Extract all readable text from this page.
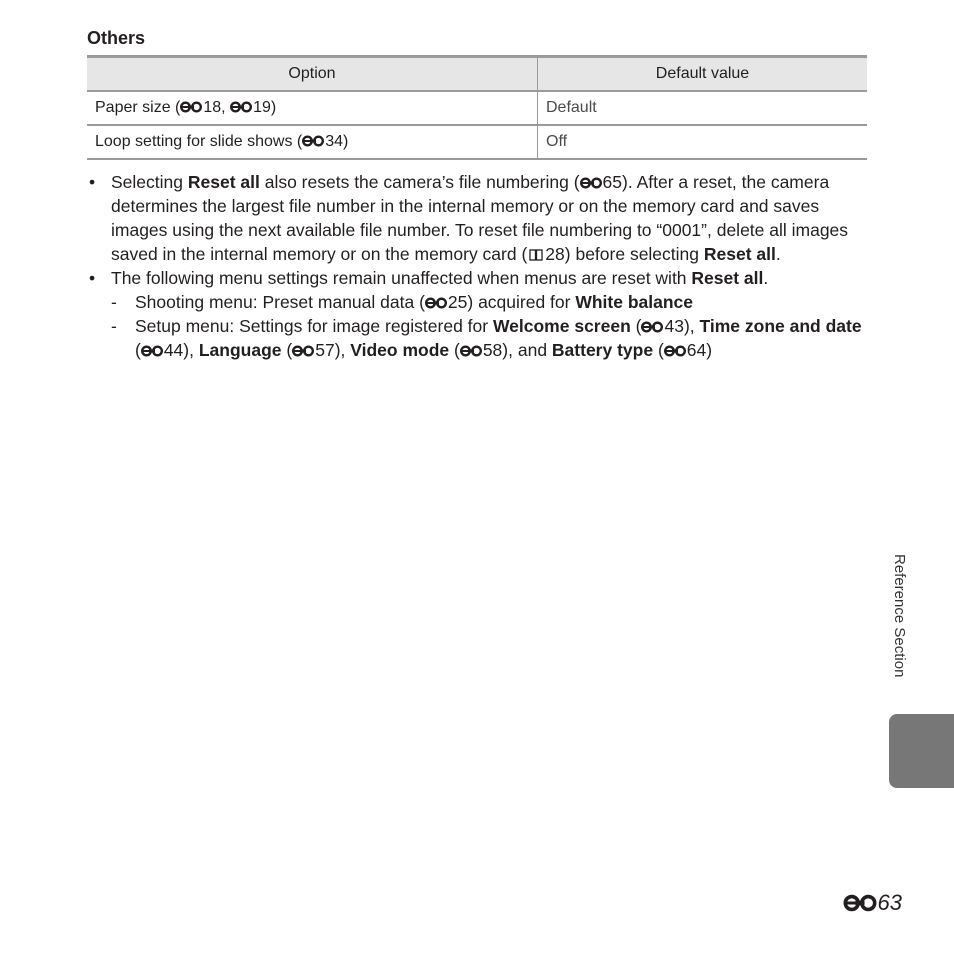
Others
Option	Default value
Paper size ( 18, 19)	Default
Loop setting for slide shows ( 34)	Off
• Selecting Reset all also resets the camera’s file numbering ( 65). After a reset, the camera determines the largest file number in the internal memory or on the memory card and saves images using the next available file number. To reset file numbering to “0001”, delete all images saved in the internal memory or on the memory card ( 28) before selecting Reset all.
• The following menu settings remain unaffected when menus are reset with Reset all.
- Shooting menu: Preset manual data ( 25) acquired for White balance
- Setup menu: Settings for image registered for Welcome screen ( 43), Time zone and date ( 44), Language ( 57), Video mode ( 58), and Battery type ( 64)
Reference Section
63
